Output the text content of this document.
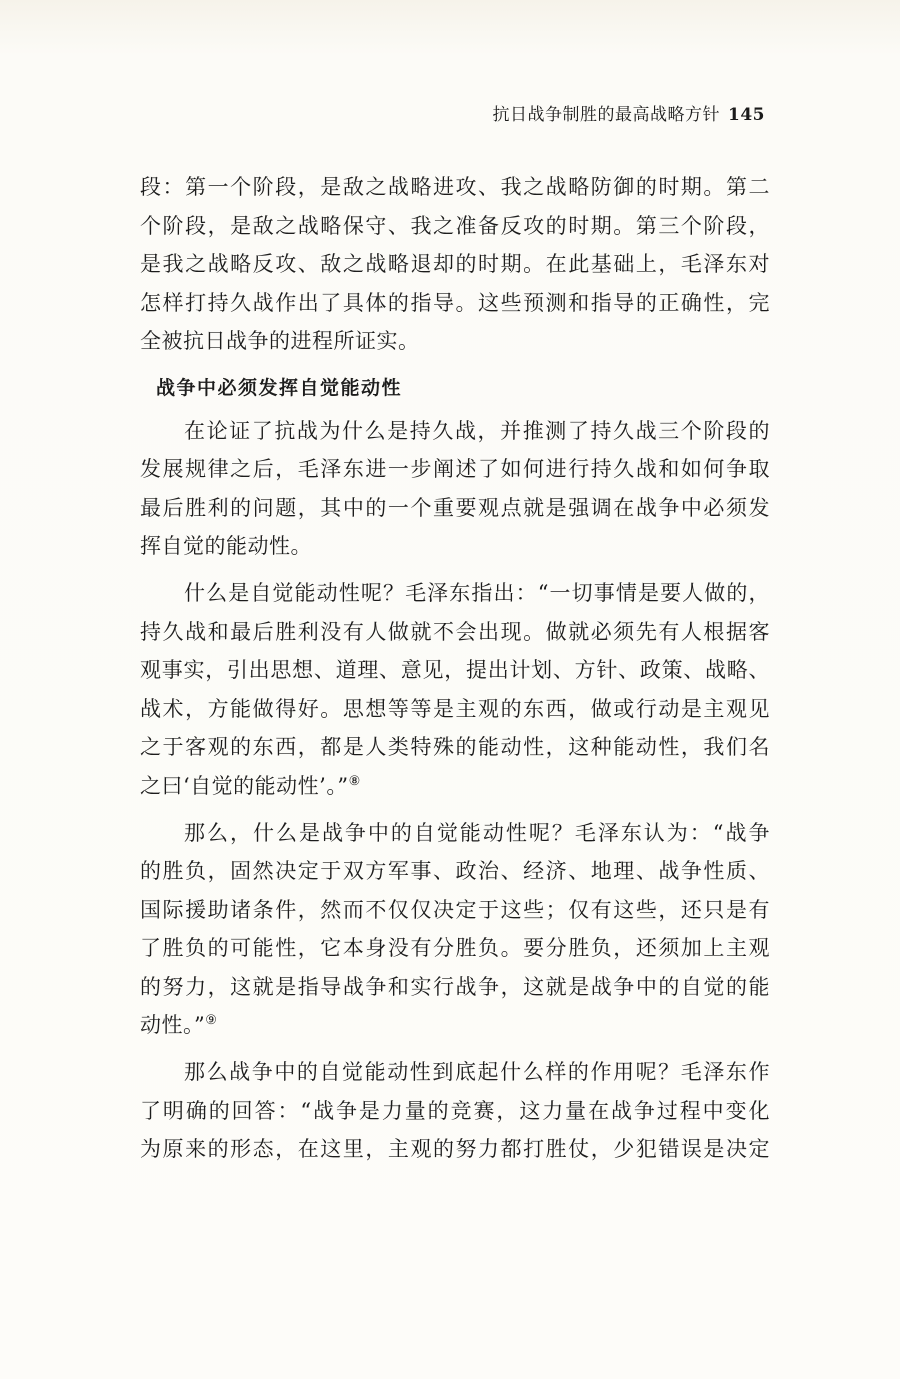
抗日战争制胜的最高战略方针 145
段：第一个阶段，是敌之战略进攻、我之战略防御的时期。第二
个阶段，是敌之战略保守、我之准备反攻的时期。第三个阶段，
是我之战略反攻、敌之战略退却的时期。在此基础上，毛泽东对
怎样打持久战作出了具体的指导。这些预测和指导的正确性，完
全被抗日战争的进程所证实。
战争中必须发挥自觉能动性
在论证了抗战为什么是持久战，并推测了持久战三个阶段的
发展规律之后，毛泽东进一步阐述了如何进行持久战和如何争取
最后胜利的问题，其中的一个重要观点就是强调在战争中必须发
挥自觉的能动性。
什么是自觉能动性呢？毛泽东指出：“一切事情是要人做的，
持久战和最后胜利没有人做就不会出现。做就必须先有人根据客
观事实，引出思想、道理、意见，提出计划、方针、政策、战略、
战术，方能做得好。思想等等是主观的东西，做或行动是主观见
之于客观的东西，都是人类特殊的能动性，这种能动性，我们名
之曰‘自觉的能动性’。”⑧
那么，什么是战争中的自觉能动性呢？毛泽东认为：“战争
的胜负，固然决定于双方军事、政治、经济、地理、战争性质、
国际援助诸条件，然而不仅仅决定于这些；仅有这些，还只是有
了胜负的可能性，它本身没有分胜负。要分胜负，还须加上主观
的努力，这就是指导战争和实行战争，这就是战争中的自觉的能
动性。”⑨
那么战争中的自觉能动性到底起什么样的作用呢？毛泽东作
了明确的回答：“战争是力量的竞赛，这力量在战争过程中变化
为原来的形态，在这里，主观的努力都打胜仗，少犯错误是决定
